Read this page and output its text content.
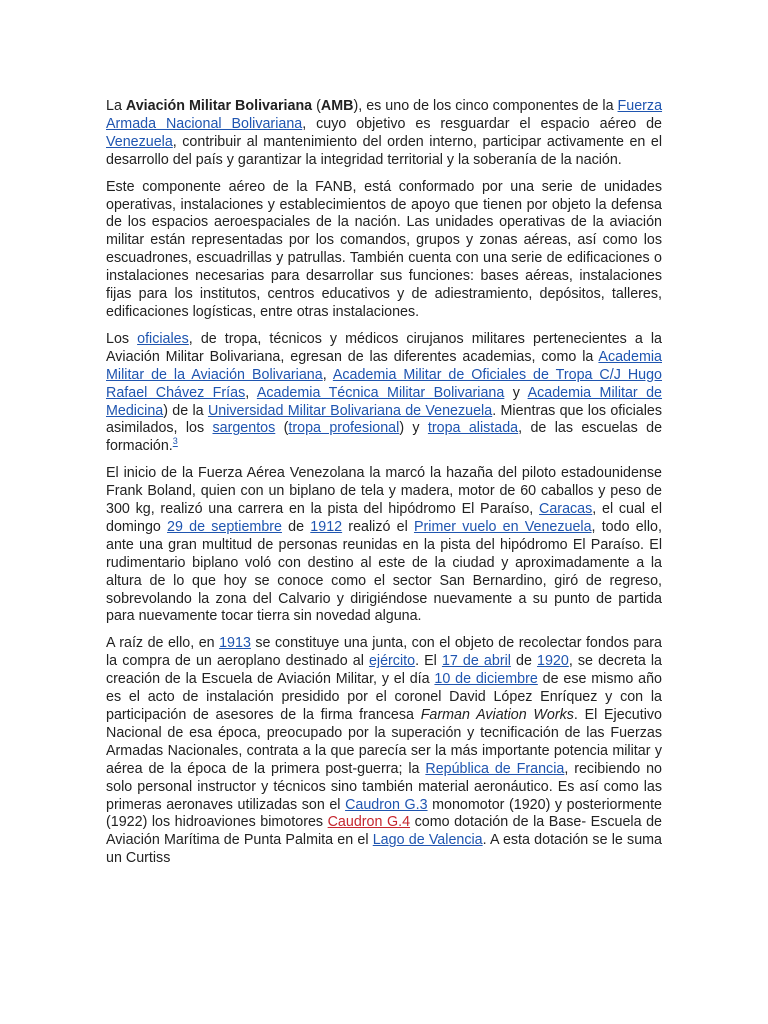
La Aviación Militar Bolivariana (AMB), es uno de los cinco componentes de la Fuerza Armada Nacional Bolivariana, cuyo objetivo es resguardar el espacio aéreo de Venezuela, contribuir al mantenimiento del orden interno, participar activamente en el desarrollo del país y garantizar la integridad territorial y la soberanía de la nación.

Este componente aéreo de la FANB, está conformado por una serie de unidades operativas, instalaciones y establecimientos de apoyo que tienen por objeto la defensa de los espacios aeroespaciales de la nación. Las unidades operativas de la aviación militar están representadas por los comandos, grupos y zonas aéreas, así como los escuadrones, escuadrillas y patrullas. También cuenta con una serie de edificaciones o instalaciones necesarias para desarrollar sus funciones: bases aéreas, instalaciones fijas para los institutos, centros educativos y de adiestramiento, depósitos, talleres, edificaciones logísticas, entre otras instalaciones.

Los oficiales, de tropa, técnicos y médicos cirujanos militares pertenecientes a la Aviación Militar Bolivariana, egresan de las diferentes academias, como la Academia Militar de la Aviación Bolivariana, Academia Militar de Oficiales de Tropa C/J Hugo Rafael Chávez Frías, Academia Técnica Militar Bolivariana y Academia Militar de Medicina) de la Universidad Militar Bolivariana de Venezuela. Mientras que los oficiales asimilados, los sargentos (tropa profesional) y tropa alistada, de las escuelas de formación.$^3$

El inicio de la Fuerza Aérea Venezolana la marcó la hazaña del piloto estadounidense Frank Boland, quien con un biplano de tela y madera, motor de 60 caballos y peso de 300 kg, realizó una carrera en la pista del hipódromo El Paraíso, Caracas, el cual el domingo 29 de septiembre de 1912 realizó el Primer vuelo en Venezuela, todo ello, ante una gran multitud de personas reunidas en la pista del hipódromo El Paraíso. El rudimentario biplano voló con destino al este de la ciudad y aproximadamente a la altura de lo que hoy se conoce como el sector San Bernardino, giró de regreso, sobrevolando la zona del Calvario y dirigiéndose nuevamente a su punto de partida para nuevamente tocar tierra sin novedad alguna.

A raíz de ello, en 1913 se constituye una junta, con el objeto de recolectar fondos para la compra de un aeroplano destinado al ejército. El 17 de abril de 1920, se decreta la creación de la Escuela de Aviación Militar, y el día 10 de diciembre de ese mismo año es el acto de instalación presidido por el coronel David López Enríquez y con la participación de asesores de la firma francesa Farman Aviation Works. El Ejecutivo Nacional de esa época, preocupado por la superación y tecnificación de las Fuerzas Armadas Nacionales, contrata a la que parecía ser la más importante potencia militar y aérea de la época de la primera post-guerra; la República de Francia, recibiendo no solo personal instructor y técnicos sino también material aeronáutico. Es así como las primeras aeronaves utilizadas son el Caudron G.3 monomotor (1920) y posteriormente (1922) los hidroaviones bimotores Caudron G.4 como dotación de la Base- Escuela de Aviación Marítima de Punta Palmita en el Lago de Valencia. A esta dotación se le suma un Curtiss
